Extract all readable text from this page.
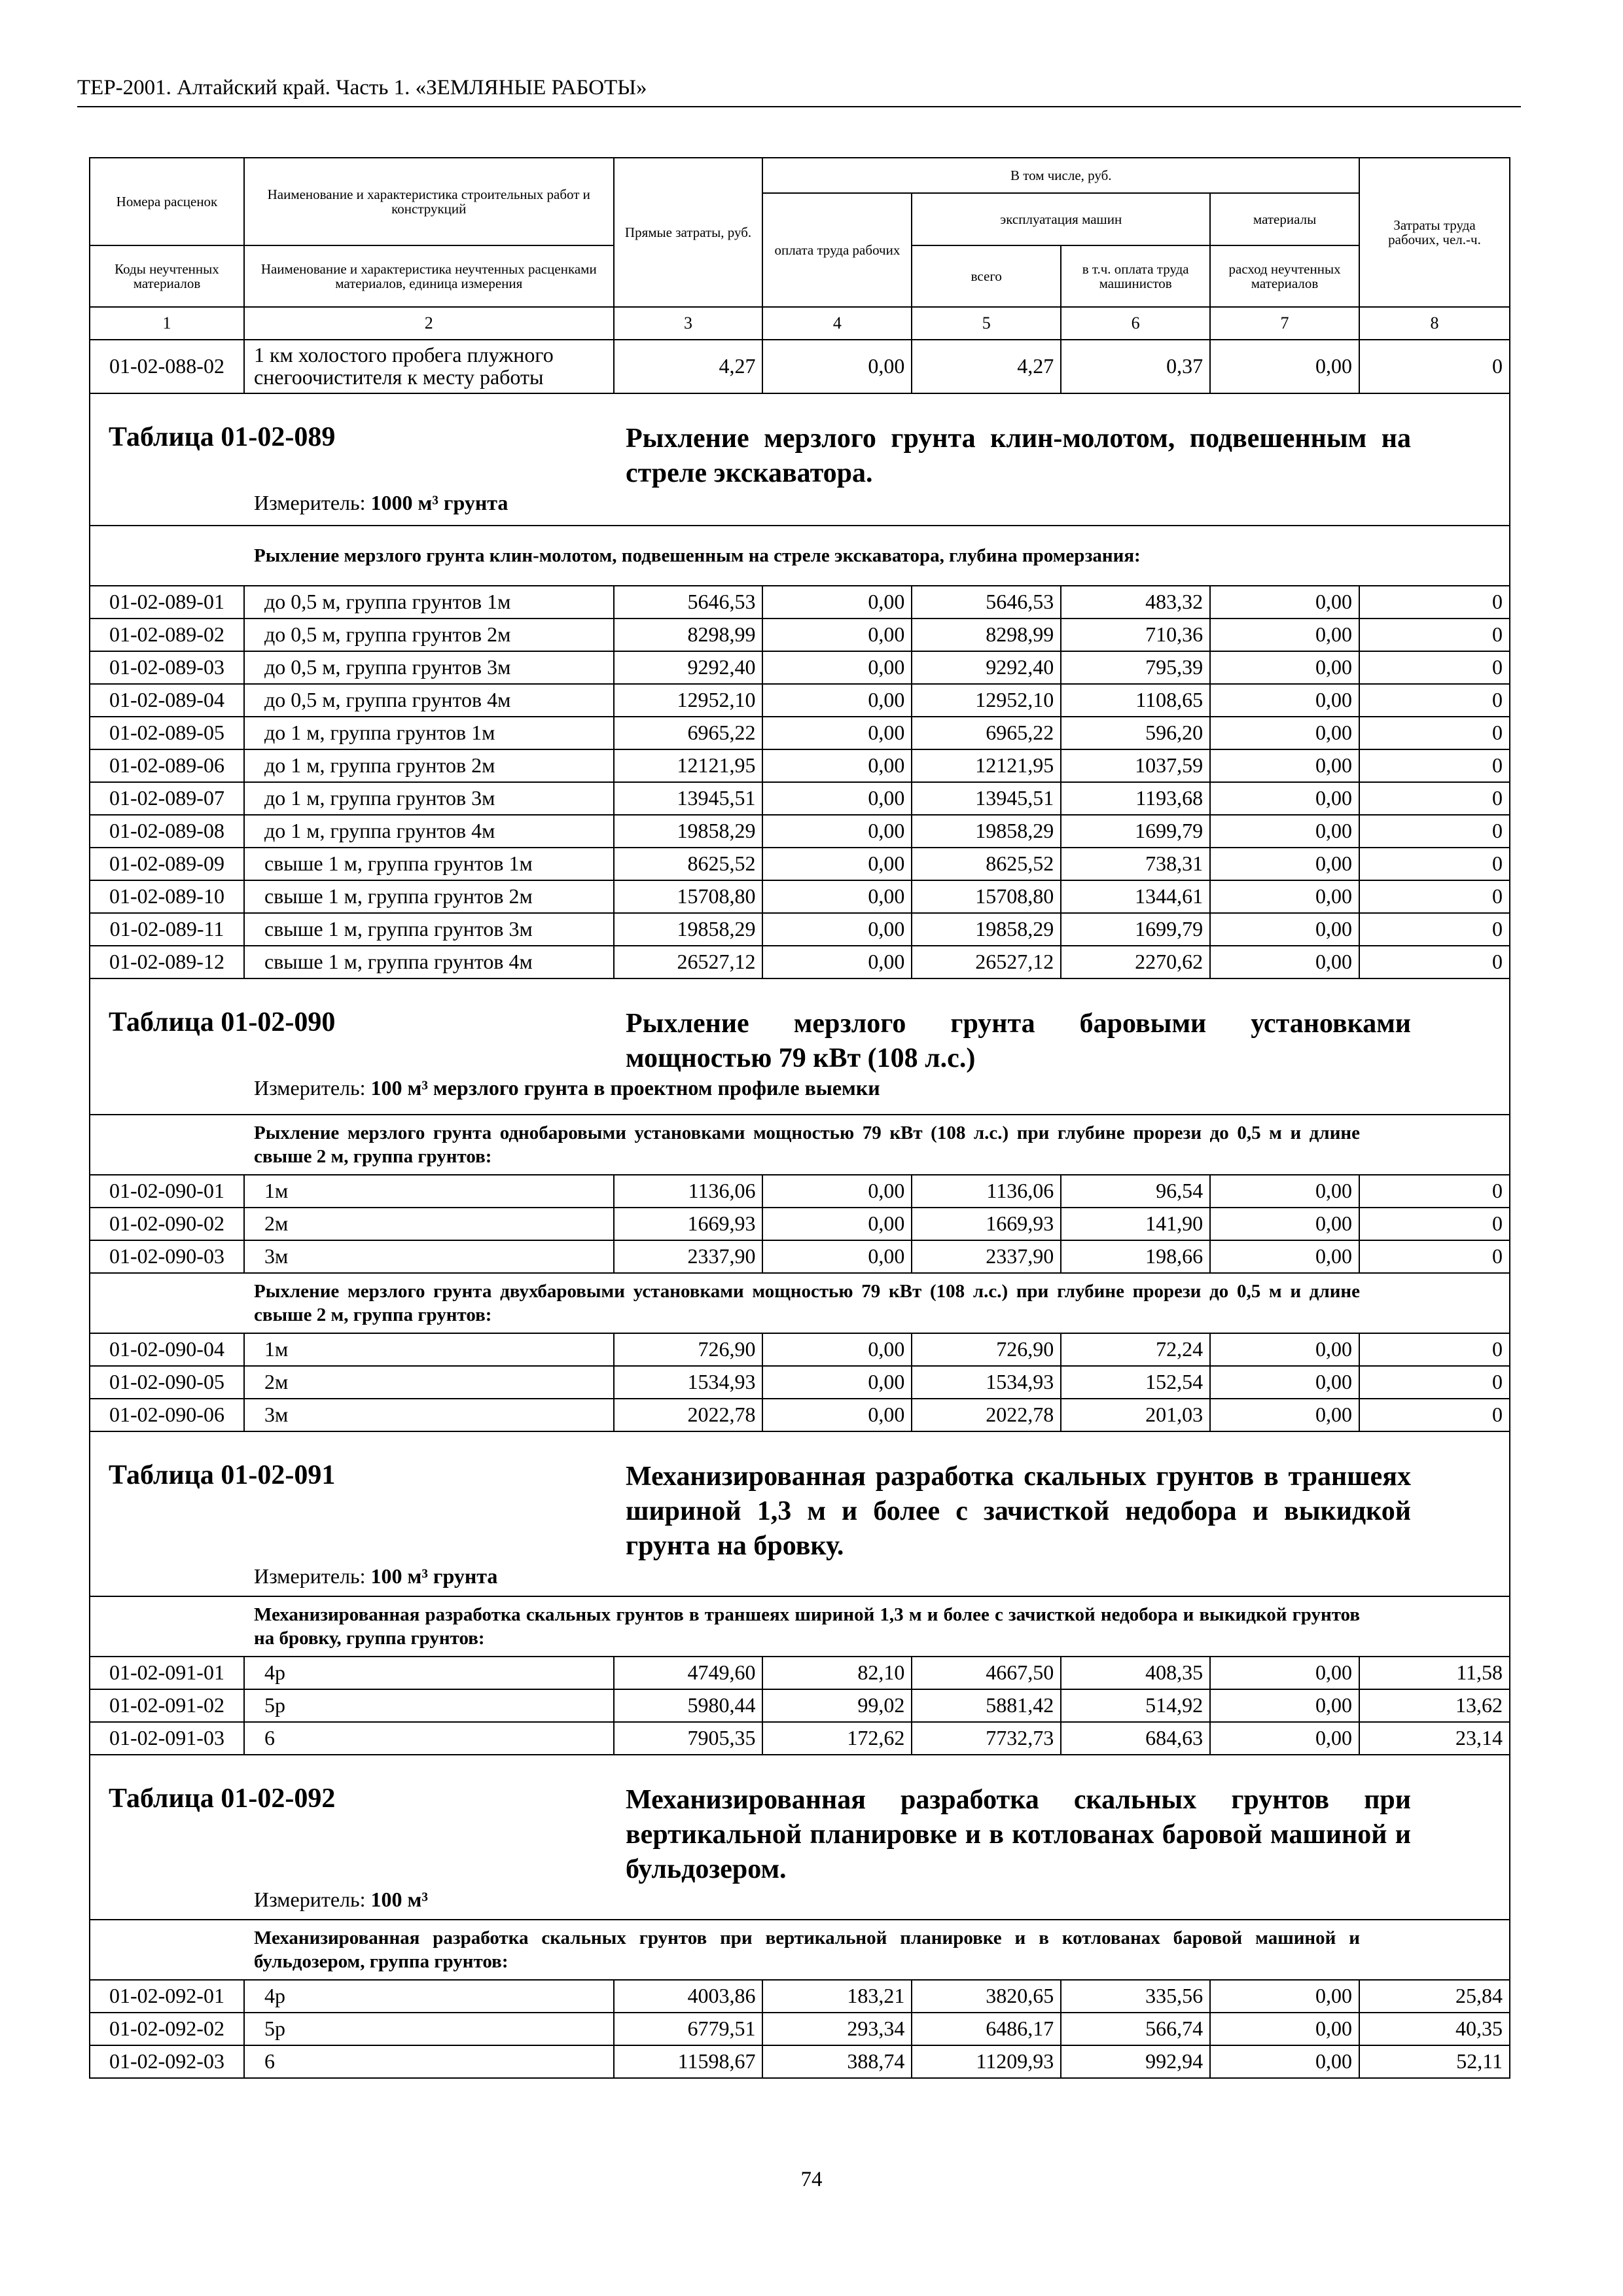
ТЕР-2001. Алтайский край. Часть 1. «ЗЕМЛЯНЫЕ РАБОТЫ»
Номера расценок	Наименование и характеристика строительных работ и конструкций	Прямые затраты, руб.	В том числе, руб.				Затраты труда рабочих, чел.-ч.
			оплата труда рабочих	эксплуатация машин		материалы	
Коды неучтенных материалов	Наименование и характеристика неучтенных расценками материалов, единица измерения			всего	в т.ч. оплата труда машинистов	расход неучтенных материалов	
1	2	3	4	5	6	7	8
01-02-088-02	1 км холостого пробега плужного снегоочистителя к месту работы	4,27	0,00	4,27	0,37	0,00	0

Таблица 01-02-089 Рыхление мерзлого грунта клин-молотом, подвешенным на стреле экскаватора.
Измеритель: 1000 м³ грунта							

Рыхление мерзлого грунта клин-молотом, подвешенным на стреле экскаватора, глубина промерзания:							

01-02-089-01	до 0,5 м, группа грунтов 1м	5646,53	0,00	5646,53	483,32	0,00	0
01-02-089-02	до 0,5 м, группа грунтов 2м	8298,99	0,00	8298,99	710,36	0,00	0
01-02-089-03	до 0,5 м, группа грунтов 3м	9292,40	0,00	9292,40	795,39	0,00	0
01-02-089-04	до 0,5 м, группа грунтов 4м	12952,10	0,00	12952,10	1108,65	0,00	0
01-02-089-05	до 1 м, группа грунтов 1м	6965,22	0,00	6965,22	596,20	0,00	0
01-02-089-06	до 1 м, группа грунтов 2м	12121,95	0,00	12121,95	1037,59	0,00	0
01-02-089-07	до 1 м, группа грунтов 3м	13945,51	0,00	13945,51	1193,68	0,00	0
01-02-089-08	до 1 м, группа грунтов 4м	19858,29	0,00	19858,29	1699,79	0,00	0
01-02-089-09	свыше 1 м, группа грунтов 1м	8625,52	0,00	8625,52	738,31	0,00	0
01-02-089-10	свыше 1 м, группа грунтов 2м	15708,80	0,00	15708,80	1344,61	0,00	0
01-02-089-11	свыше 1 м, группа грунтов 3м	19858,29	0,00	19858,29	1699,79	0,00	0
01-02-089-12	свыше 1 м, группа грунтов 4м	26527,12	0,00	26527,12	2270,62	0,00	0

Таблица 01-02-090 Рыхление мерзлого грунта баровыми установками мощностью 79 кВт (108 л.с.)
Измеритель: 100 м³ мерзлого грунта в проектном профиле выемки							

Рыхление мерзлого грунта однобаровыми установками мощностью 79 кВт (108 л.с.) при глубине прорези до 0,5 м и длине свыше 2 м, группа грунтов:							

01-02-090-01	1м	1136,06	0,00	1136,06	96,54	0,00	0
01-02-090-02	2м	1669,93	0,00	1669,93	141,90	0,00	0
01-02-090-03	3м	2337,90	0,00	2337,90	198,66	0,00	0

Рыхление мерзлого грунта двухбаровыми установками мощностью 79 кВт (108 л.с.) при глубине прорези до 0,5 м и длине свыше 2 м, группа грунтов:							

01-02-090-04	1м	726,90	0,00	726,90	72,24	0,00	0
01-02-090-05	2м	1534,93	0,00	1534,93	152,54	0,00	0
01-02-090-06	3м	2022,78	0,00	2022,78	201,03	0,00	0

Таблица 01-02-091 Механизированная разработка скальных грунтов в траншеях шириной 1,3 м и более с зачисткой недобора и выкидкой грунта на бровку.
Измеритель: 100 м³ грунта							

Механизированная разработка скальных грунтов в траншеях шириной 1,3 м и более с зачисткой недобора и выкидкой грунтов на бровку, группа грунтов:							

01-02-091-01	4р	4749,60	82,10	4667,50	408,35	0,00	11,58
01-02-091-02	5р	5980,44	99,02	5881,42	514,92	0,00	13,62
01-02-091-03	6	7905,35	172,62	7732,73	684,63	0,00	23,14

Таблица 01-02-092 Механизированная разработка скальных грунтов при вертикальной планировке и в котлованах баровой машиной и бульдозером.
Измеритель: 100 м³							

Механизированная разработка скальных грунтов при вертикальной планировке и в котлованах баровой машиной и бульдозером, группа грунтов:							

01-02-092-01	4р	4003,86	183,21	3820,65	335,56	0,00	25,84
01-02-092-02	5р	6779,51	293,34	6486,17	566,74	0,00	40,35
01-02-092-03	6	11598,67	388,74	11209,93	992,94	0,00	52,11
74
